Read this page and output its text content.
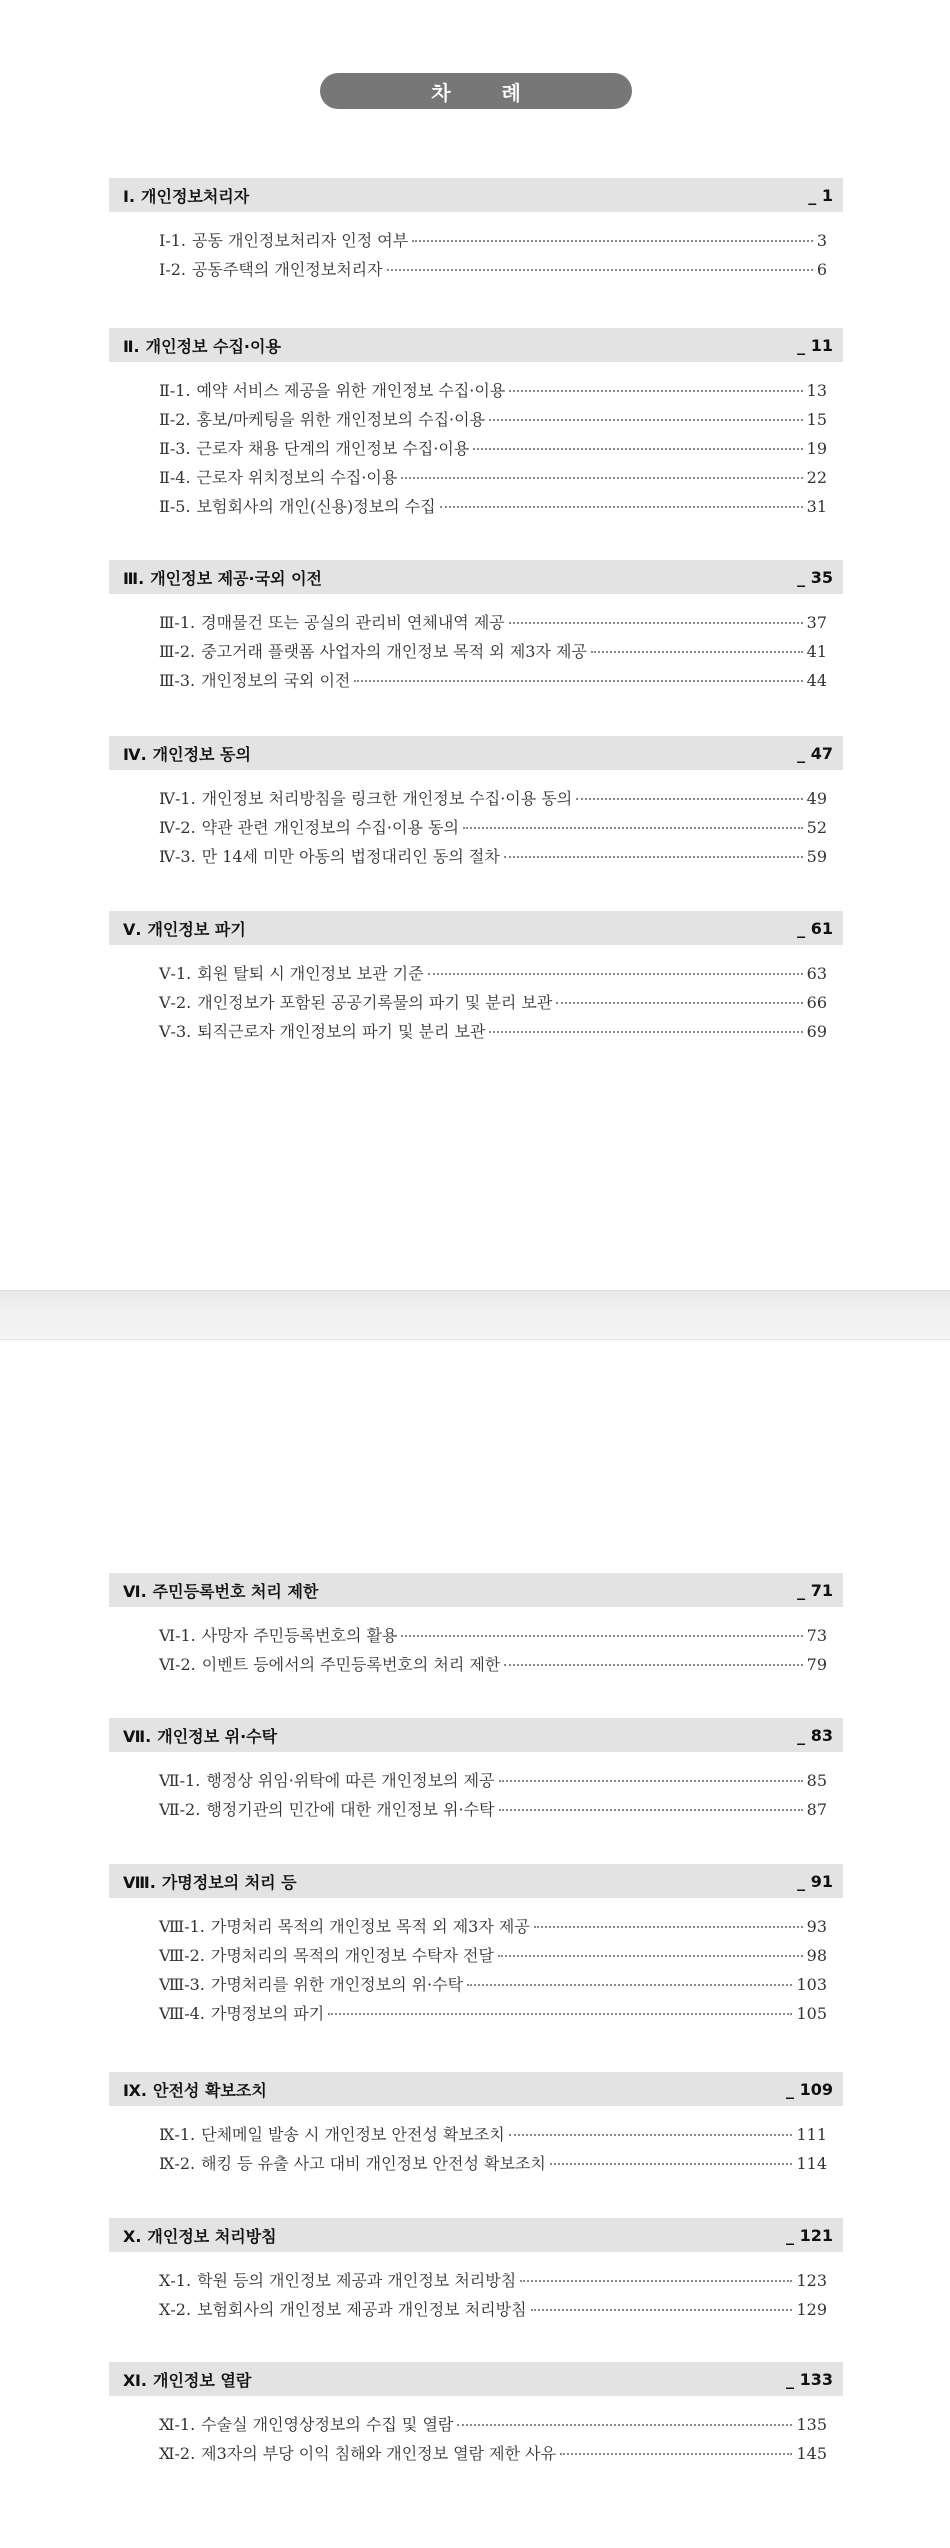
차 례
Ⅰ. 개인정보처리자	_ 1
Ⅰ-1. 공동 개인정보처리자 인정 여부	3
Ⅰ-2. 공동주택의 개인정보처리자	6
Ⅱ. 개인정보 수집·이용	_ 11
Ⅱ-1. 예약 서비스 제공을 위한 개인정보 수집·이용	13
Ⅱ-2. 홍보/마케팅을 위한 개인정보의 수집·이용	15
Ⅱ-3. 근로자 채용 단계의 개인정보 수집·이용	19
Ⅱ-4. 근로자 위치정보의 수집·이용	22
Ⅱ-5. 보험회사의 개인(신용)정보의 수집	31
Ⅲ. 개인정보 제공·국외 이전	_ 35
Ⅲ-1. 경매물건 또는 공실의 관리비 연체내역 제공	37
Ⅲ-2. 중고거래 플랫폼 사업자의 개인정보 목적 외 제3자 제공	41
Ⅲ-3. 개인정보의 국외 이전	44
Ⅳ. 개인정보 동의	_ 47
Ⅳ-1. 개인정보 처리방침을 링크한 개인정보 수집·이용 동의	49
Ⅳ-2. 약관 관련 개인정보의 수집·이용 동의	52
Ⅳ-3. 만 14세 미만 아동의 법정대리인 동의 절차	59
Ⅴ. 개인정보 파기	_ 61
Ⅴ-1. 회원 탈퇴 시 개인정보 보관 기준	63
Ⅴ-2. 개인정보가 포함된 공공기록물의 파기 및 분리 보관	66
Ⅴ-3. 퇴직근로자 개인정보의 파기 및 분리 보관	69
Ⅵ. 주민등록번호 처리 제한	_ 71
Ⅵ-1. 사망자 주민등록번호의 활용	73
Ⅵ-2. 이벤트 등에서의 주민등록번호의 처리 제한	79
Ⅶ. 개인정보 위·수탁	_ 83
Ⅶ-1. 행정상 위임·위탁에 따른 개인정보의 제공	85
Ⅶ-2. 행정기관의 민간에 대한 개인정보 위·수탁	87
Ⅷ. 가명정보의 처리 등	_ 91
Ⅷ-1. 가명처리 목적의 개인정보 목적 외 제3자 제공	93
Ⅷ-2. 가명처리의 목적의 개인정보 수탁자 전달	98
Ⅷ-3. 가명처리를 위한 개인정보의 위·수탁	103
Ⅷ-4. 가명정보의 파기	105
Ⅸ. 안전성 확보조치	_ 109
Ⅸ-1. 단체메일 발송 시 개인정보 안전성 확보조치	111
Ⅸ-2. 해킹 등 유출 사고 대비 개인정보 안전성 확보조치	114
Ⅹ. 개인정보 처리방침	_ 121
Ⅹ-1. 학원 등의 개인정보 제공과 개인정보 처리방침	123
Ⅹ-2. 보험회사의 개인정보 제공과 개인정보 처리방침	129
Ⅺ. 개인정보 열람	_ 133
Ⅺ-1. 수술실 개인영상정보의 수집 및 열람	135
Ⅺ-2. 제3자의 부당 이익 침해와 개인정보 열람 제한 사유	145
